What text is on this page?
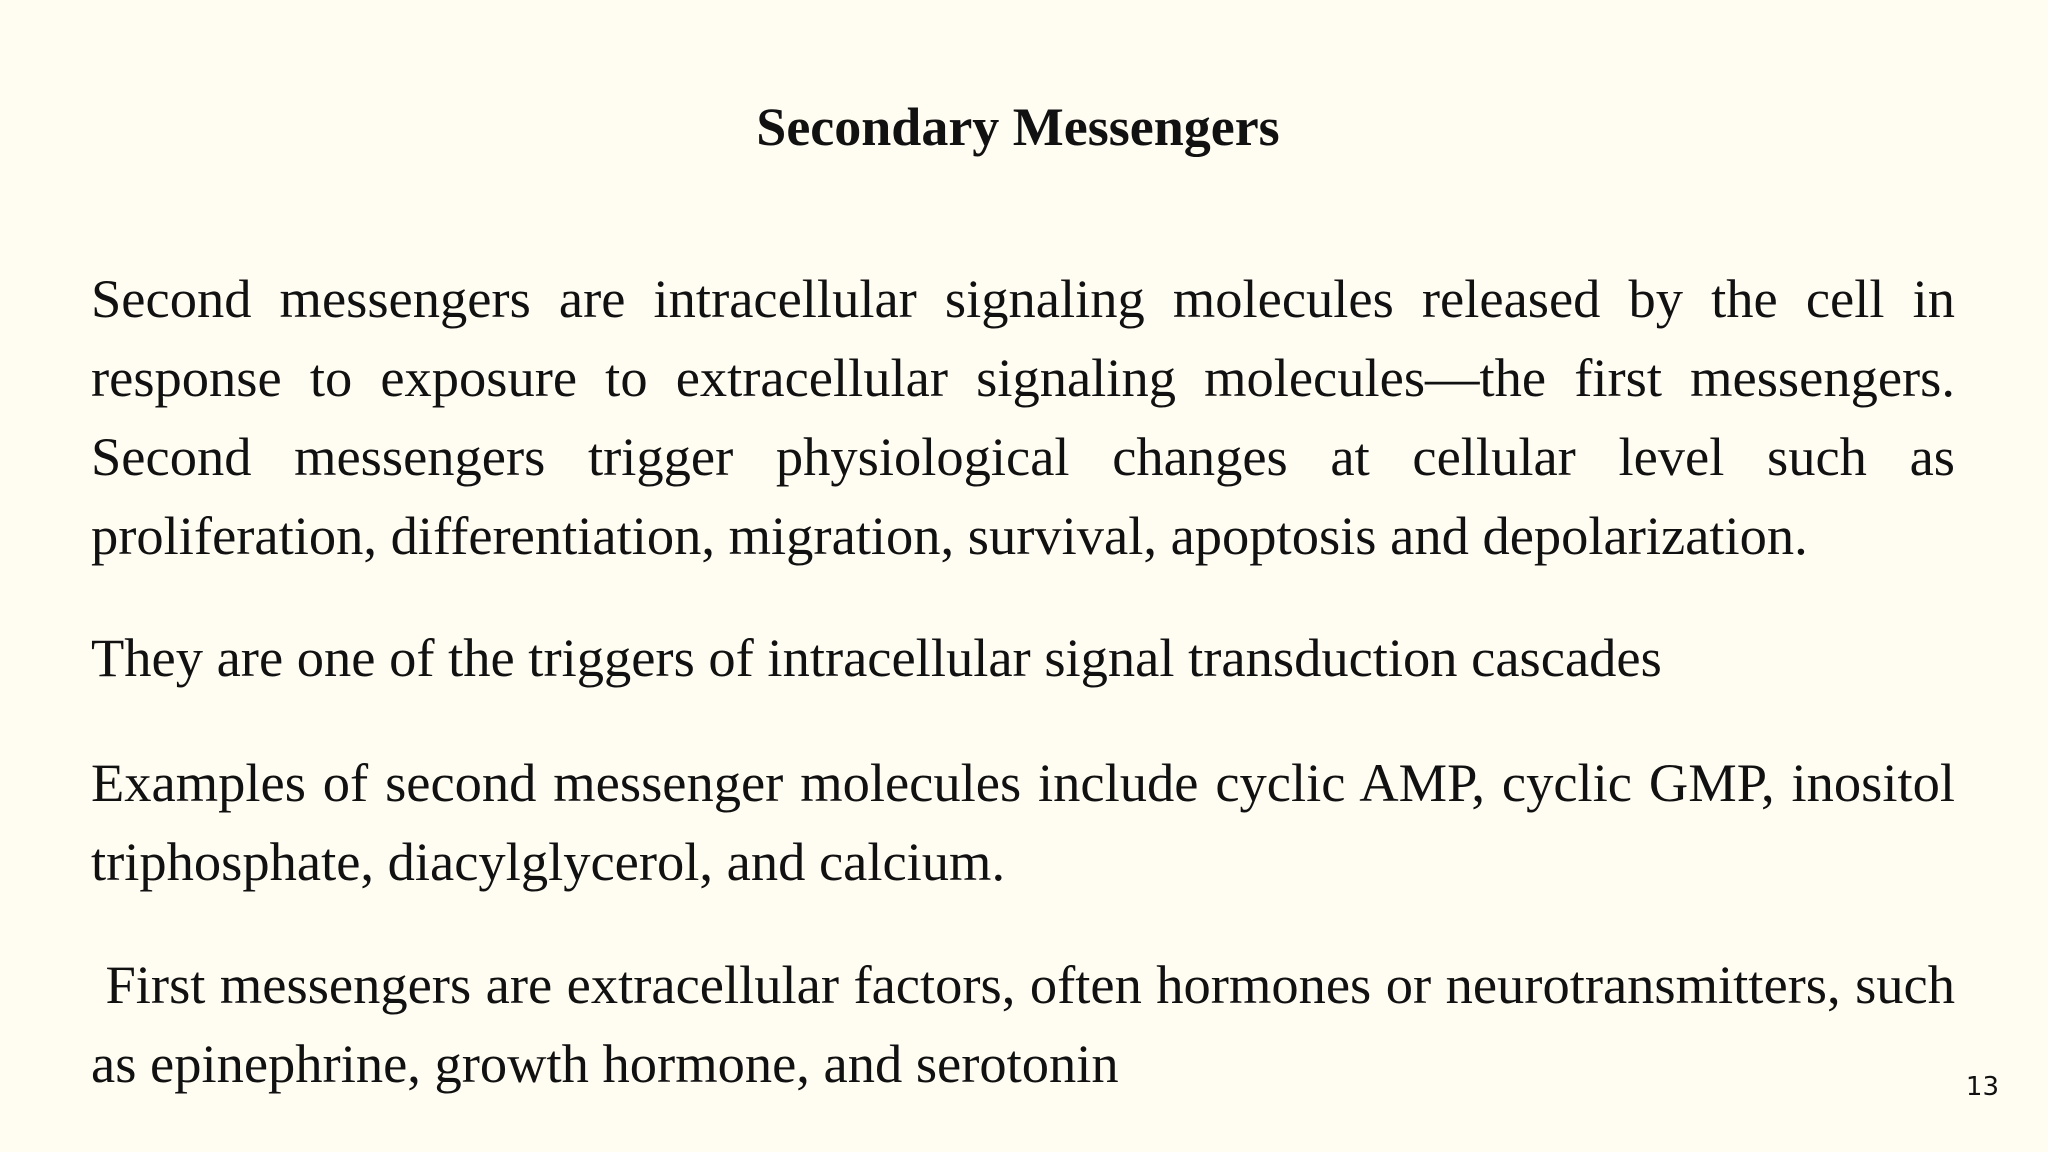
Secondary Messengers

Second messengers are intracellular signaling molecules released by the cell in response to exposure to extracellular signaling molecules—the first messengers. Second messengers trigger physiological changes at cellular level such as proliferation, differentiation, migration, survival, apoptosis and depolarization.

They are one of the triggers of intracellular signal transduction cascades

Examples of second messenger molecules include cyclic AMP, cyclic GMP, inositol triphosphate, diacylglycerol, and calcium.

First messengers are extracellular factors, often hormones or neurotransmitters, such as epinephrine, growth hormone, and serotonin	13
